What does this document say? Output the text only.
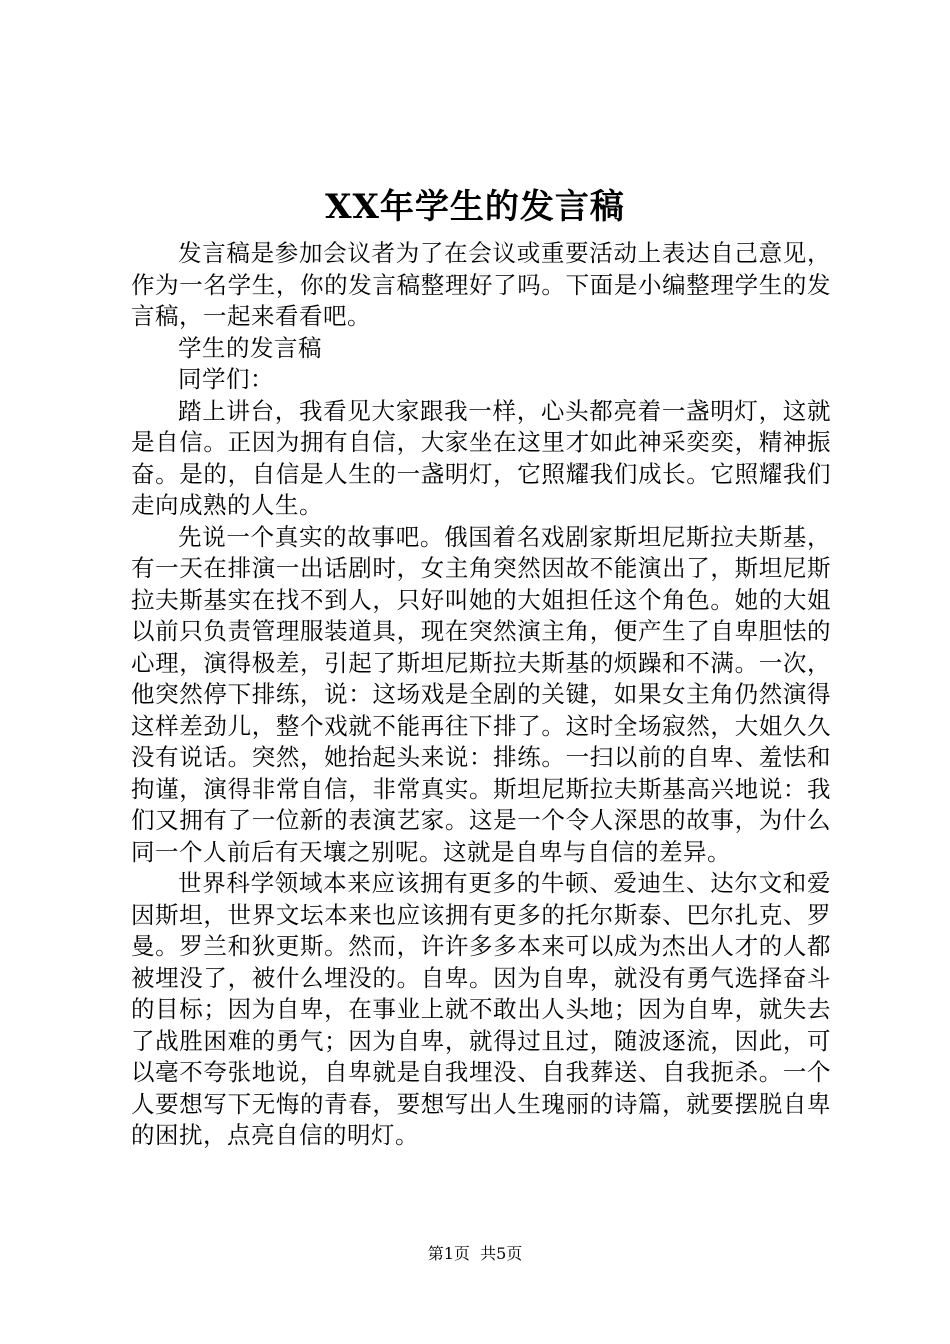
XX年学生的发言稿

发言稿是参加会议者为了在会议或重要活动上表达自己意见，作为一名学生，你的发言稿整理好了吗。下面是小编整理学生的发言稿，一起来看看吧。

学生的发言稿

同学们：

踏上讲台，我看见大家跟我一样，心头都亮着一盏明灯，这就是自信。正因为拥有自信，大家坐在这里才如此神采奕奕，精神振奋。是的，自信是人生的一盏明灯，它照耀我们成长。它照耀我们走向成熟的人生。

先说一个真实的故事吧。俄国着名戏剧家斯坦尼斯拉夫斯基，有一天在排演一出话剧时，女主角突然因故不能演出了，斯坦尼斯拉夫斯基实在找不到人，只好叫她的大姐担任这个角色。她的大姐以前只负责管理服装道具，现在突然演主角，便产生了自卑胆怯的心理，演得极差，引起了斯坦尼斯拉夫斯基的烦躁和不满。一次，他突然停下排练，说：这场戏是全剧的关键，如果女主角仍然演得这样差劲儿，整个戏就不能再往下排了。这时全场寂然，大姐久久没有说话。突然，她抬起头来说：排练。一扫以前的自卑、羞怯和拘谨，演得非常自信，非常真实。斯坦尼斯拉夫斯基高兴地说：我们又拥有了一位新的表演艺家。这是一个令人深思的故事，为什么同一个人前后有天壤之别呢。这就是自卑与自信的差异。

世界科学领域本来应该拥有更多的牛顿、爱迪生、达尔文和爱因斯坦，世界文坛本来也应该拥有更多的托尔斯泰、巴尔扎克、罗曼。罗兰和狄更斯。然而，许许多多本来可以成为杰出人才的人都被埋没了，被什么埋没的。自卑。因为自卑，就没有勇气选择奋斗的目标；因为自卑，在事业上就不敢出人头地；因为自卑，就失去了战胜困难的勇气；因为自卑，就得过且过，随波逐流，因此，可以毫不夸张地说，自卑就是自我埋没、自我葬送、自我扼杀。一个人要想写下无悔的青春，要想写出人生瑰丽的诗篇，就要摆脱自卑的困扰，点亮自信的明灯。

第1页 共5页
